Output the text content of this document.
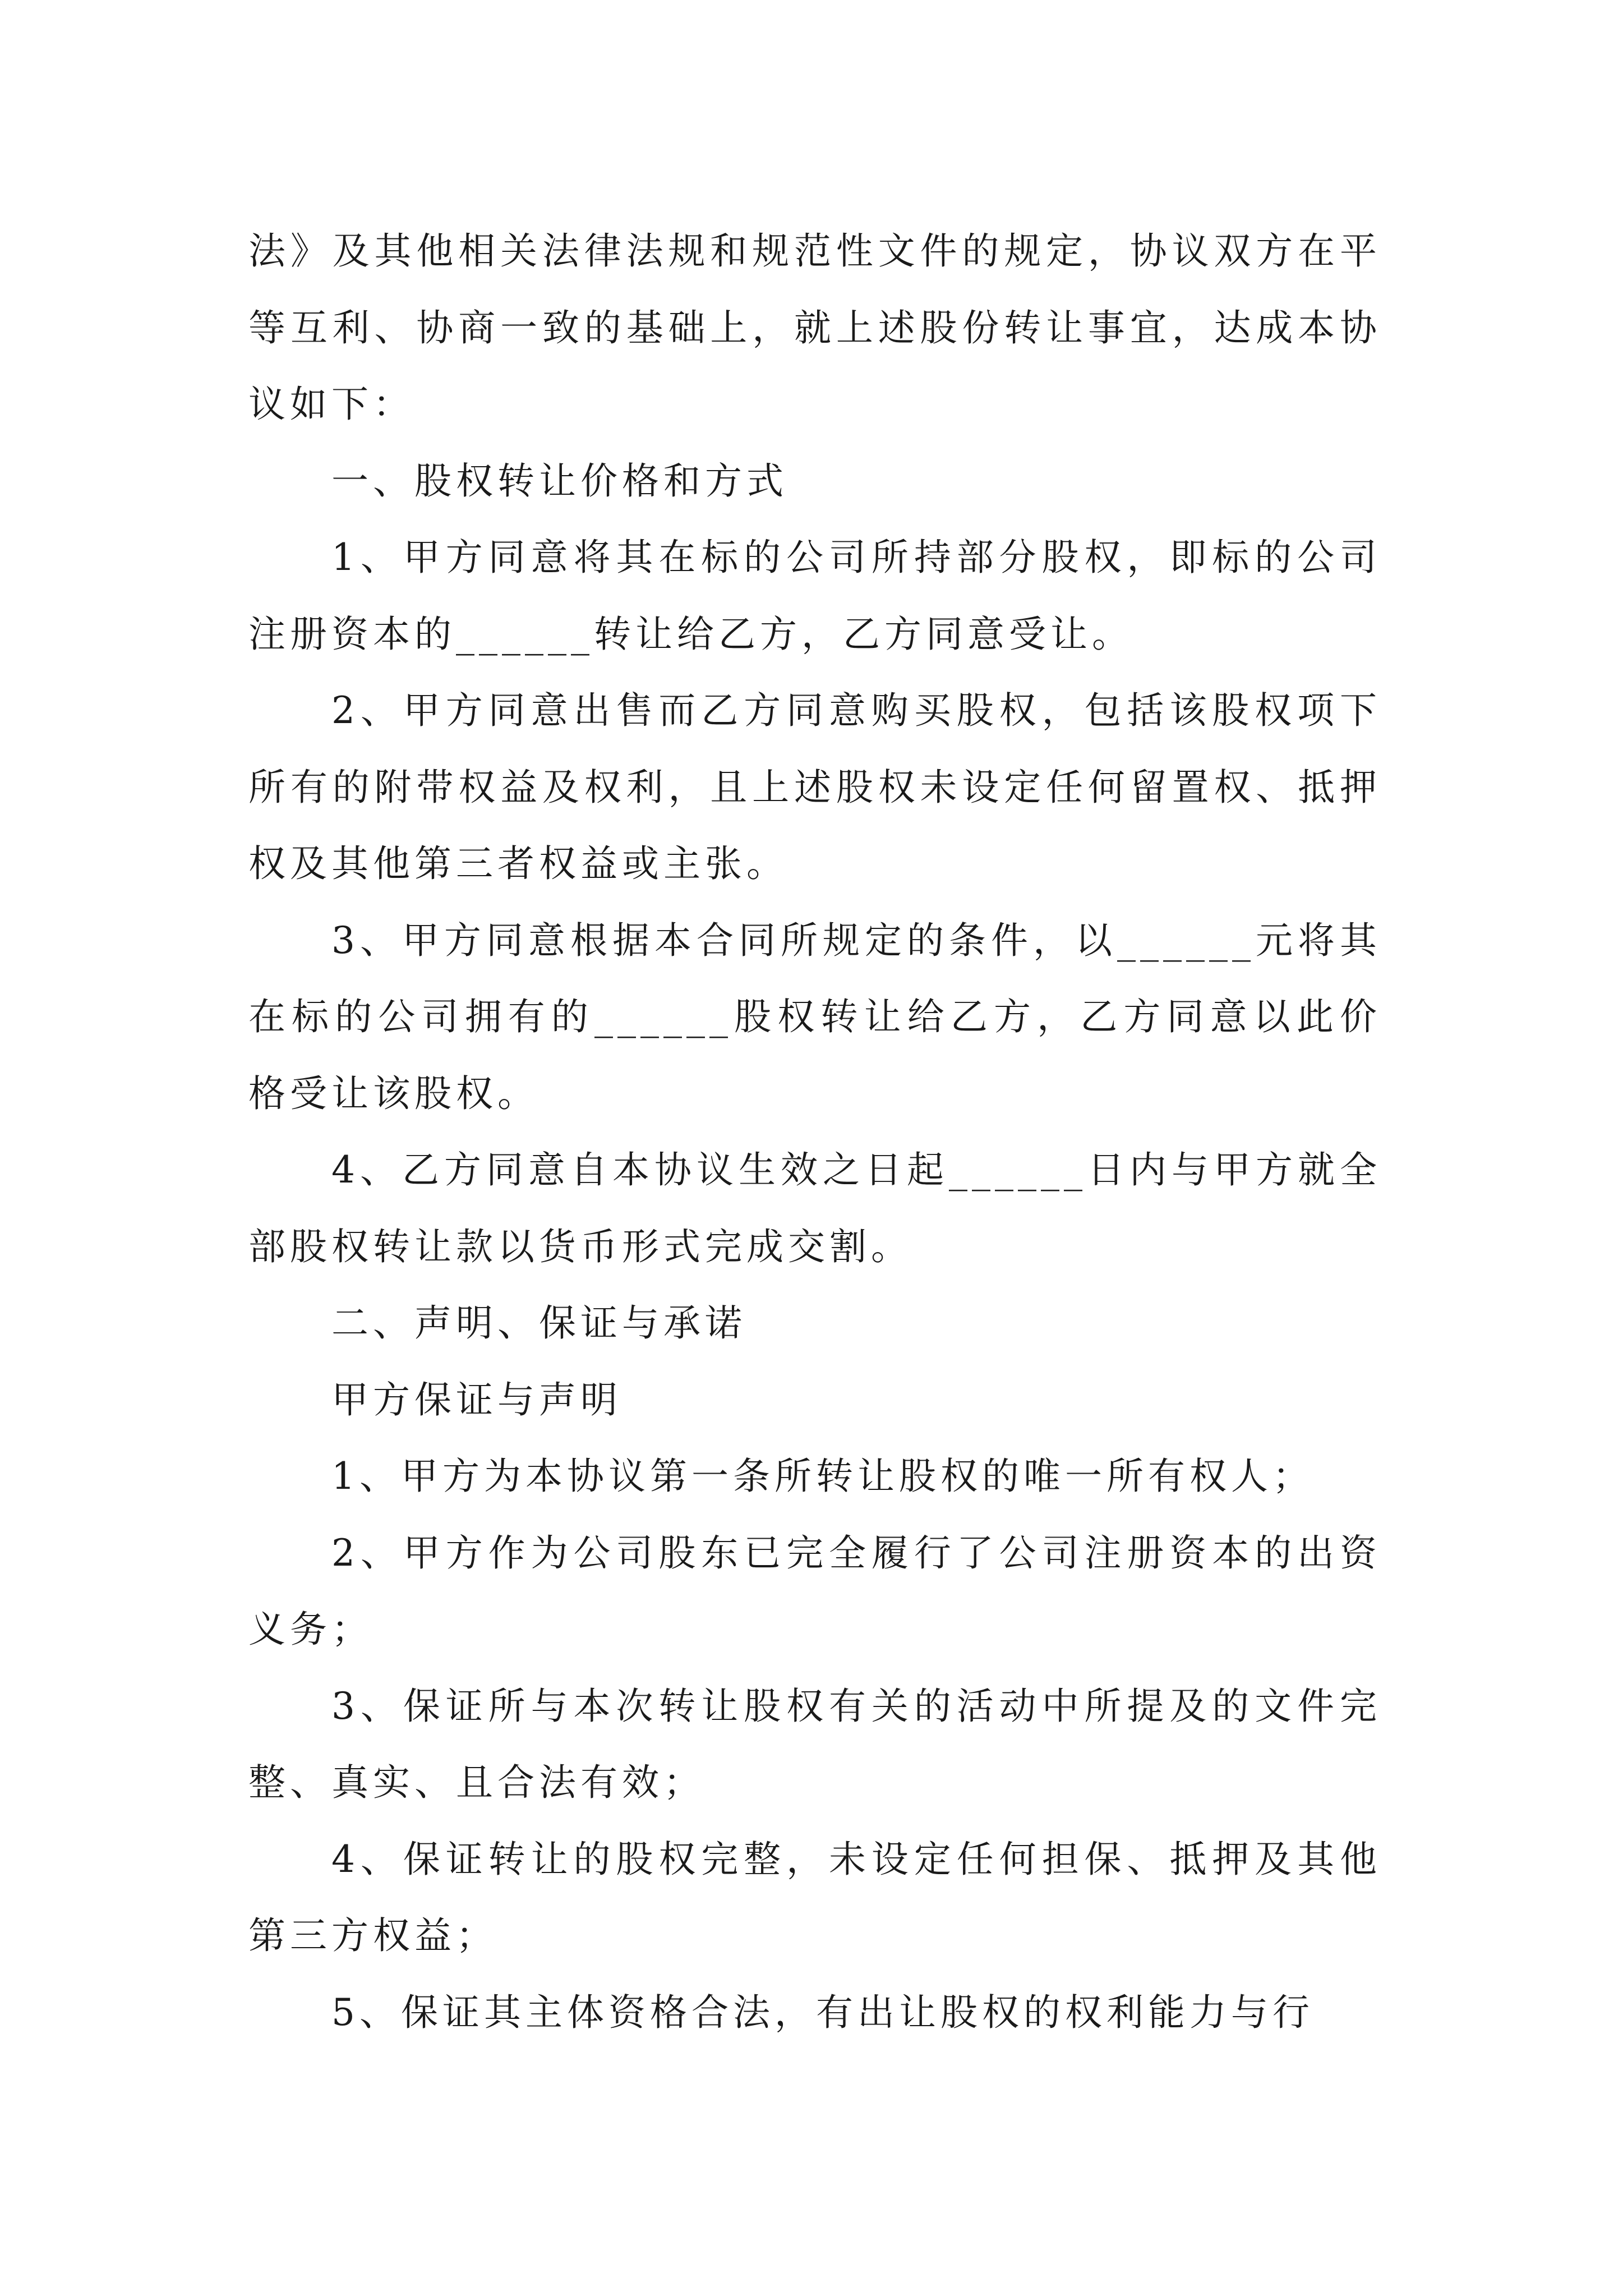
法》及其他相关法律法规和规范性文件的规定，协议双方在平等互利、协商一致的基础上，就上述股份转让事宜，达成本协议如下：

一、股权转让价格和方式

1、甲方同意将其在标的公司所持部分股权，即标的公司注册资本的______转让给乙方，乙方同意受让。

2、甲方同意出售而乙方同意购买股权，包括该股权项下所有的附带权益及权利，且上述股权未设定任何留置权、抵押权及其他第三者权益或主张。

3、甲方同意根据本合同所规定的条件，以______元将其在标的公司拥有的______股权转让给乙方，乙方同意以此价格受让该股权。

4、乙方同意自本协议生效之日起______日内与甲方就全部股权转让款以货币形式完成交割。

二、声明、保证与承诺

甲方保证与声明

1、甲方为本协议第一条所转让股权的唯一所有权人；

2、甲方作为公司股东已完全履行了公司注册资本的出资义务；

3、保证所与本次转让股权有关的活动中所提及的文件完整、真实、且合法有效；

4、保证转让的股权完整，未设定任何担保、抵押及其他第三方权益；

5、保证其主体资格合法，有出让股权的权利能力与行
